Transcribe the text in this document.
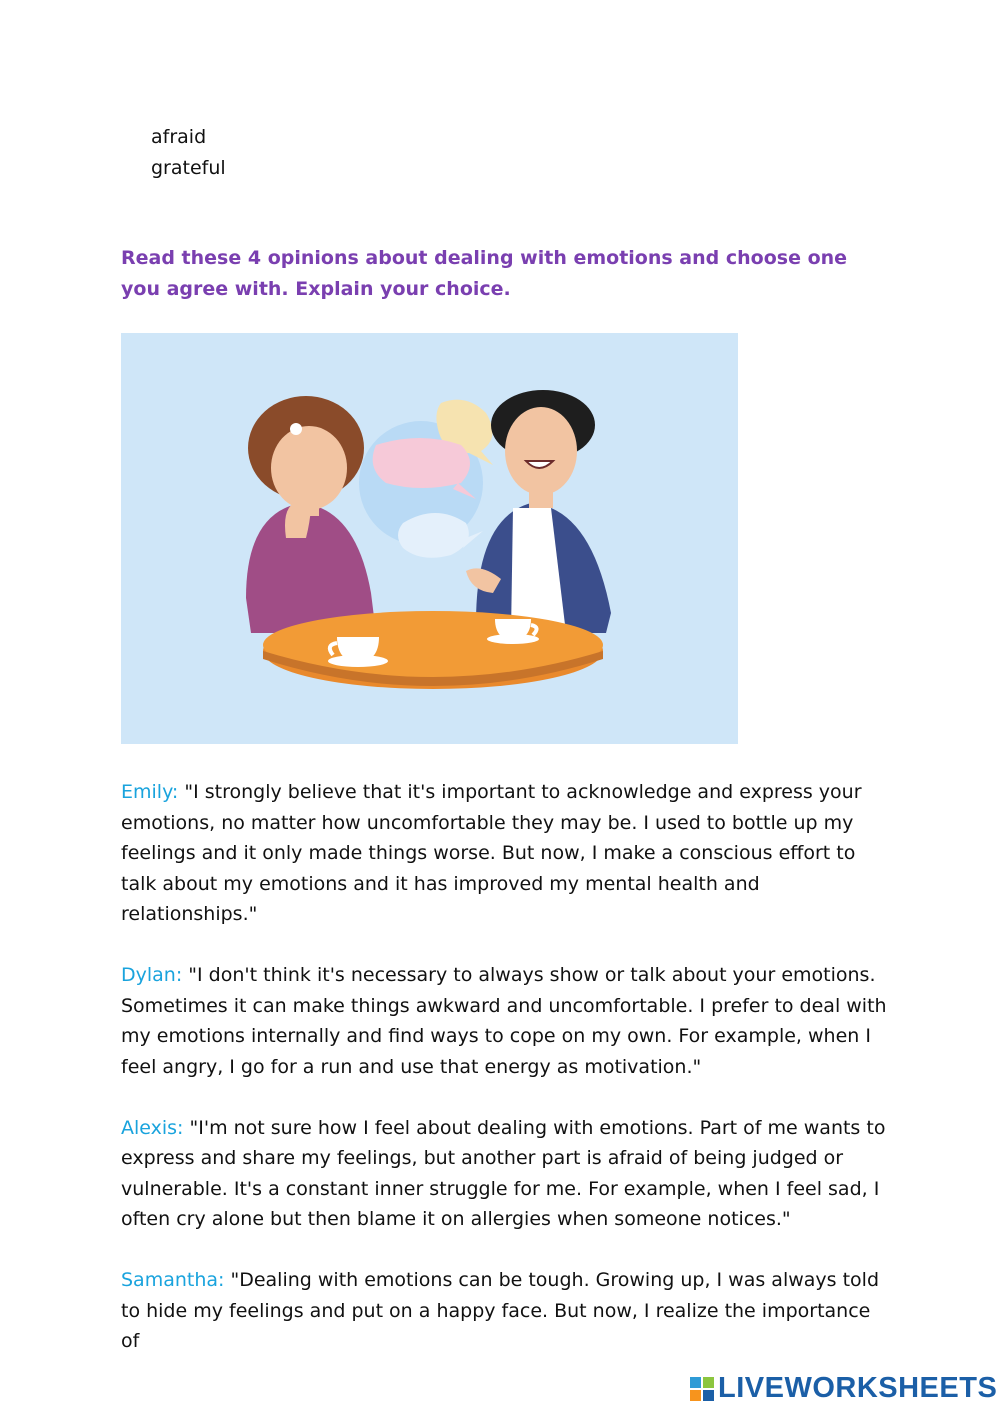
afraid
grateful
Read these 4 opinions about dealing with emotions and choose one you agree with. Explain your choice.

Emily: "I strongly believe that it's important to acknowledge and express your emotions, no matter how uncomfortable they may be. I used to bottle up my feelings and it only made things worse. But now, I make a conscious effort to talk about my emotions and it has improved my mental health and relationships."

Dylan: "I don't think it's necessary to always show or talk about your emotions. Sometimes it can make things awkward and uncomfortable. I prefer to deal with my emotions internally and find ways to cope on my own. For example, when I feel angry, I go for a run and use that energy as motivation."

Alexis: "I'm not sure how I feel about dealing with emotions. Part of me wants to express and share my feelings, but another part is afraid of being judged or vulnerable. It's a constant inner struggle for me. For example, when I feel sad, I often cry alone but then blame it on allergies when someone notices."

Samantha: "Dealing with emotions can be tough. Growing up, I was always told to hide my feelings and put on a happy face. But now, I realize the importance of

LIVEWORKSHEETS
